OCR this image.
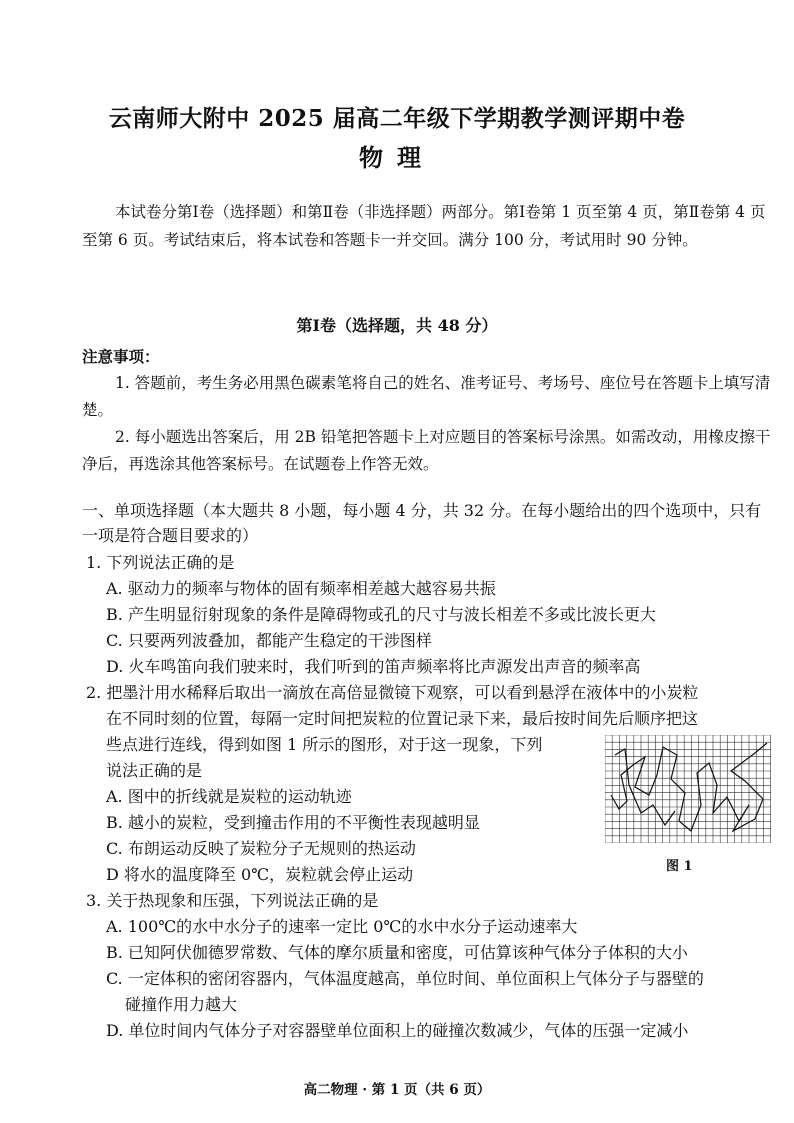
云南师大附中 2025 届高二年级下学期教学测评期中卷
物理
本试卷分第Ⅰ卷（选择题）和第Ⅱ卷（非选择题）两部分。第Ⅰ卷第 1 页至第 4 页，第Ⅱ卷第 4 页至第 6 页。考试结束后，将本试卷和答题卡一并交回。满分 100 分，考试用时 90 分钟。
第Ⅰ卷（选择题，共 48 分）
注意事项：
1. 答题前，考生务必用黑色碳素笔将自己的姓名、准考证号、考场号、座位号在答题卡上填写清楚。
2. 每小题选出答案后，用 2B 铅笔把答题卡上对应题目的答案标号涂黑。如需改动，用橡皮擦干净后，再选涂其他答案标号。在试题卷上作答无效。
一、单项选择题（本大题共 8 小题，每小题 4 分，共 32 分。在每小题给出的四个选项中，只有一项是符合题目要求的）
1. 下列说法正确的是
A. 驱动力的频率与物体的固有频率相差越大越容易共振
B. 产生明显衍射现象的条件是障碍物或孔的尺寸与波长相差不多或比波长更大
C. 只要两列波叠加，都能产生稳定的干涉图样
D. 火车鸣笛向我们驶来时，我们听到的笛声频率将比声源发出声音的频率高
2. 把墨汁用水稀释后取出一滴放在高倍显微镜下观察，可以看到悬浮在液体中的小炭粒
在不同时刻的位置，每隔一定时间把炭粒的位置记录下来，最后按时间先后顺序把这
些点进行连线，得到如图 1 所示的图形，对于这一现象，下列
说法正确的是
A. 图中的折线就是炭粒的运动轨迹
B. 越小的炭粒，受到撞击作用的不平衡性表现越明显
C. 布朗运动反映了炭粒分子无规则的热运动
D 将水的温度降至 0℃，炭粒就会停止运动	图 1
3. 关于热现象和压强，下列说法正确的是
A. 100℃的水中水分子的速率一定比 0℃的水中水分子运动速率大
B. 已知阿伏伽德罗常数、气体的摩尔质量和密度，可估算该种气体分子体积的大小
C. 一定体积的密闭容器内，气体温度越高，单位时间、单位面积上气体分子与器壁的
碰撞作用力越大
D. 单位时间内气体分子对容器壁单位面积上的碰撞次数减少，气体的压强一定减小
高二物理 · 第 1 页（共 6 页）
